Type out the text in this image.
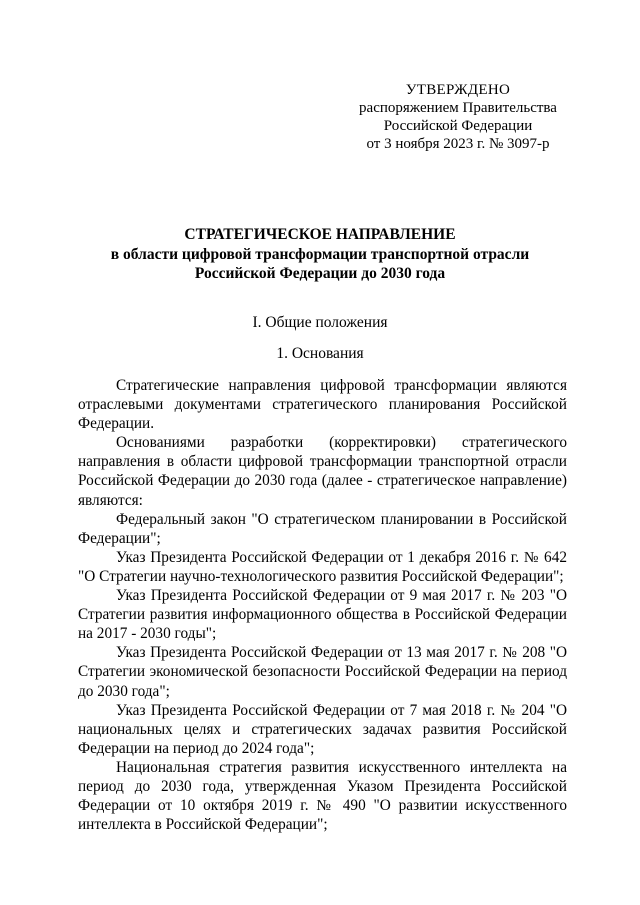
УТВЕРЖДЕНО
распоряжением Правительства
Российской Федерации
от 3 ноября 2023 г. № 3097-р
СТРАТЕГИЧЕСКОЕ НАПРАВЛЕНИЕ
в области цифровой трансформации транспортной отрасли
Российской Федерации до 2030 года
I. Общие положения
1. Основания

Стратегические направления цифровой трансформации являются отраслевыми документами стратегического планирования Российской Федерации.

Основаниями разработки (корректировки) стратегического направления в области цифровой трансформации транспортной отрасли Российской Федерации до 2030 года (далее - стратегическое направление) являются:

Федеральный закон "О стратегическом планировании в Российской Федерации";

Указ Президента Российской Федерации от 1 декабря 2016 г. № 642 "О Стратегии научно-технологического развития Российской Федерации";

Указ Президента Российской Федерации от 9 мая 2017 г. № 203 "О Стратегии развития информационного общества в Российской Федерации на 2017 - 2030 годы";

Указ Президента Российской Федерации от 13 мая 2017 г. № 208 "О Стратегии экономической безопасности Российской Федерации на период до 2030 года";

Указ Президента Российской Федерации от 7 мая 2018 г. № 204 "О национальных целях и стратегических задачах развития Российской Федерации на период до 2024 года";

Национальная стратегия развития искусственного интеллекта на период до 2030 года, утвержденная Указом Президента Российской Федерации от 10 октября 2019 г. № 490 "О развитии искусственного интеллекта в Российской Федерации";
